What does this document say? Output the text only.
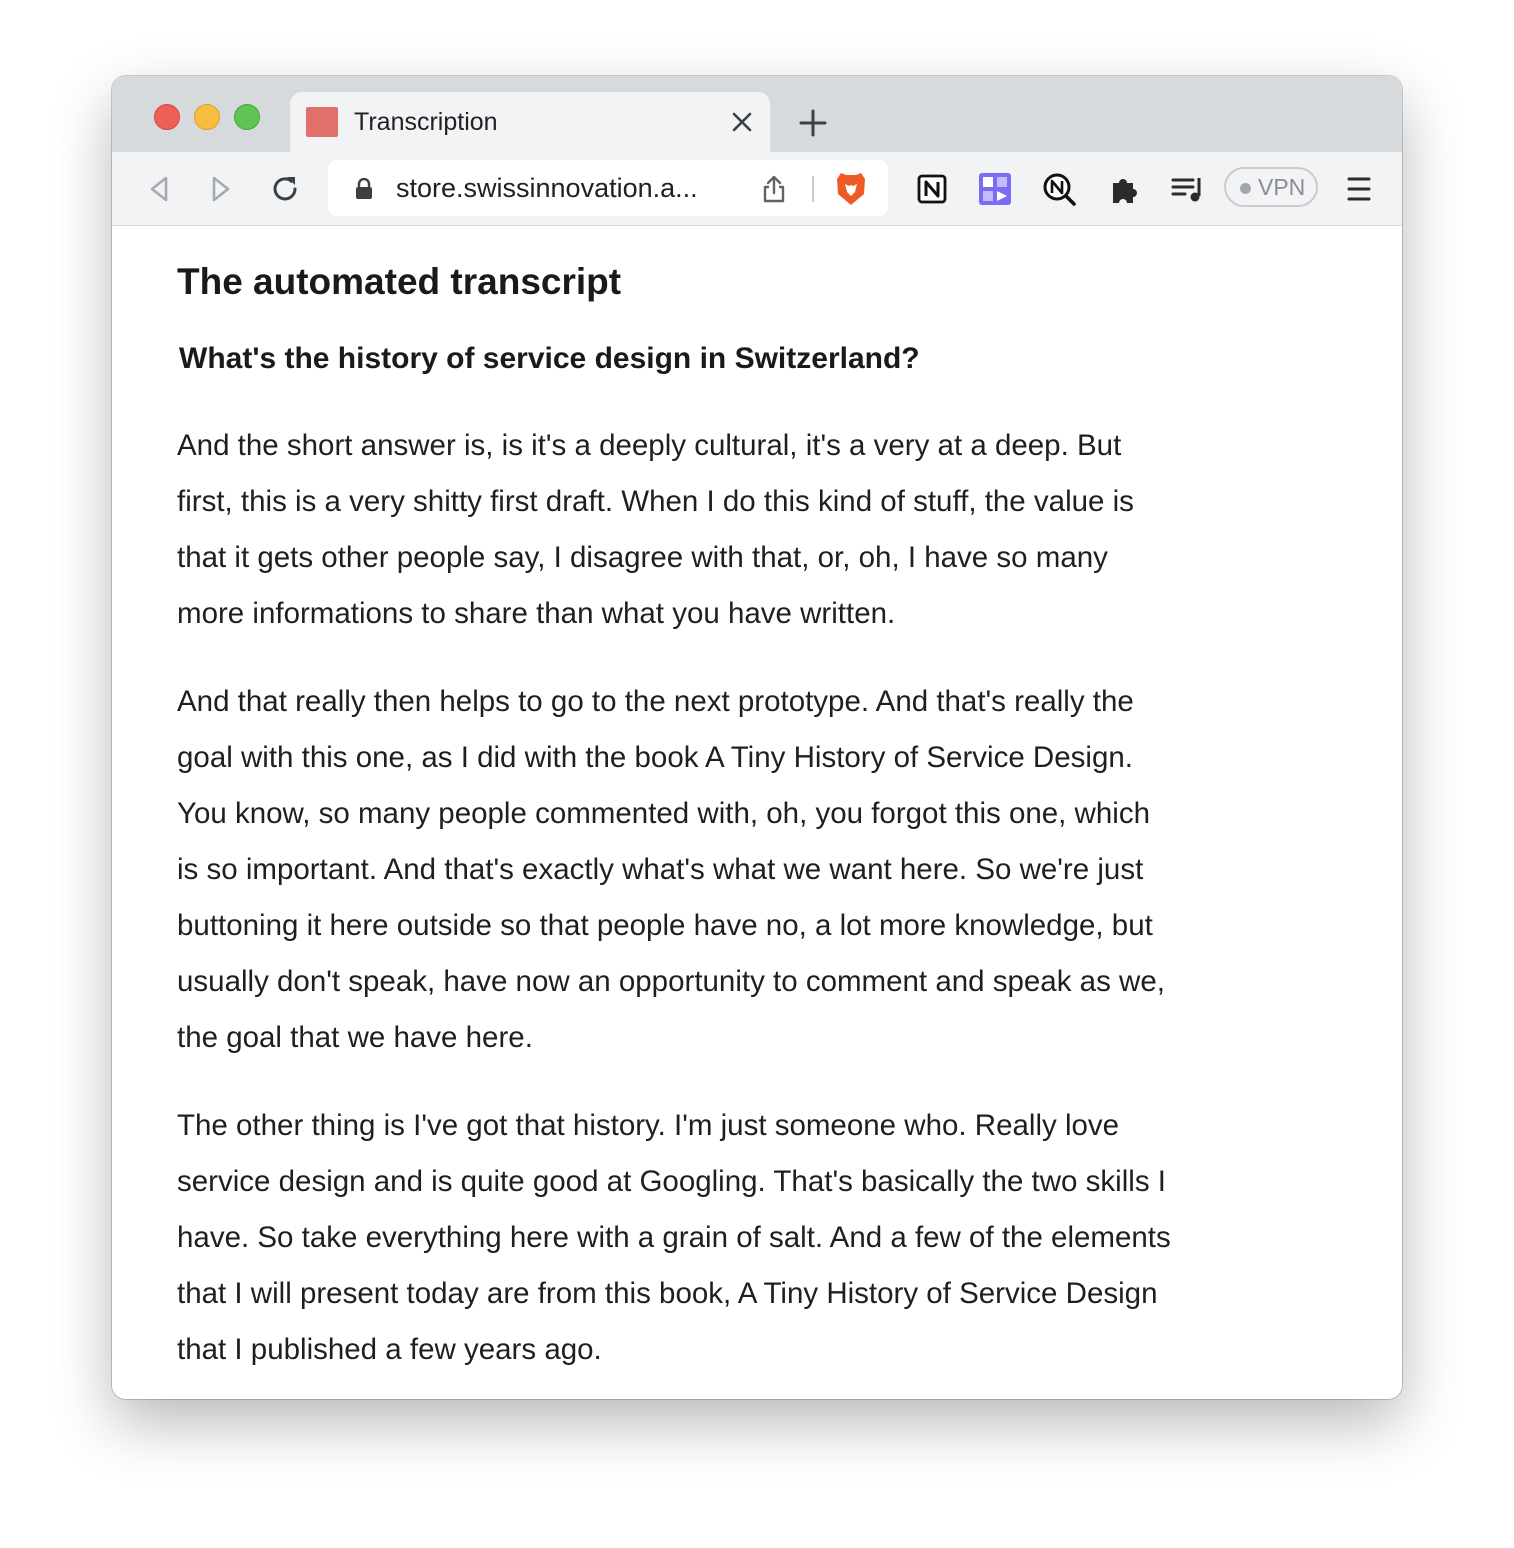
Transcription
store.swissinnovation.a...	VPN
The automated transcript
What's the history of service design in Switzerland?

And the short answer is, is it's a deeply cultural, it's a very at a deep. But
first, this is a very shitty first draft. When I do this kind of stuff, the value is
that it gets other people say, I disagree with that, or, oh, I have so many
more informations to share than what you have written.

And that really then helps to go to the next prototype. And that's really the
goal with this one, as I did with the book A Tiny History of Service Design.
You know, so many people commented with, oh, you forgot this one, which
is so important. And that's exactly what's what we want here. So we're just
buttoning it here outside so that people have no, a lot more knowledge, but
usually don't speak, have now an opportunity to comment and speak as we,
the goal that we have here.

The other thing is I've got that history. I'm just someone who. Really love
service design and is quite good at Googling. That's basically the two skills I
have. So take everything here with a grain of salt. And a few of the elements
that I will present today are from this book, A Tiny History of Service Design
that I published a few years ago.
